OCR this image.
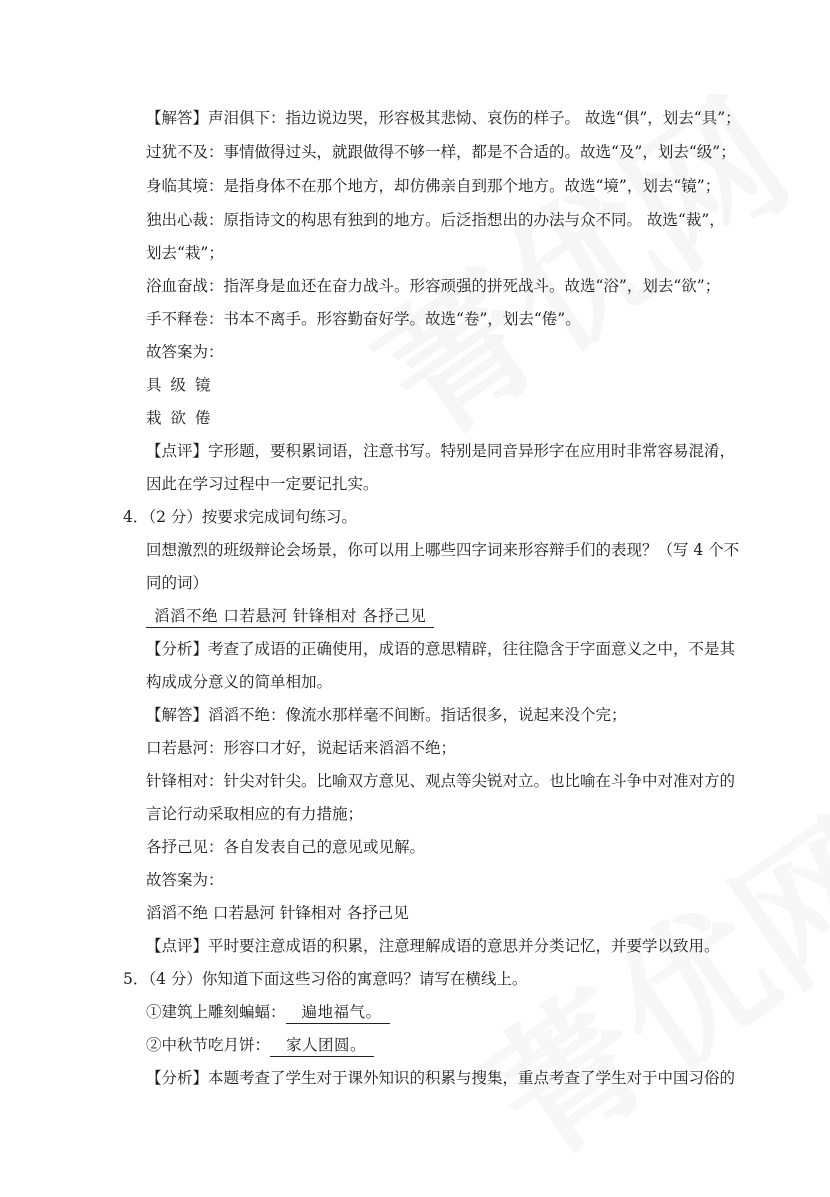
【解答】声泪俱下：指边说边哭，形容极其悲恸、哀伤的样子。 故选“俱”，划去“具”；
过犹不及：事情做得过头，就跟做得不够一样，都是不合适的。故选“及”，划去“级”；
身临其境：是指身体不在那个地方，却仿佛亲自到那个地方。故选“境”，划去“镜”；
独出心裁：原指诗文的构思有独到的地方。后泛指想出的办法与众不同。 故选“裁”，
划去“栽”；
浴血奋战：指浑身是血还在奋力战斗。形容顽强的拼死战斗。故选“浴”，划去“欲”；
手不释卷：书本不离手。形容勤奋好学。故选“卷”，划去“倦”。
故答案为：
具 级 镜
栽 欲 倦
【点评】字形题，要积累词语，注意书写。特别是同音异形字在应用时非常容易混淆，
因此在学习过程中一定要记扎实。
4．（2 分）按要求完成词句练习。
回想激烈的班级辩论会场景，你可以用上哪些四字词来形容辩手们的表现？（写 4 个不
同的词）
滔滔不绝 口若悬河 针锋相对 各抒己见
【分析】考查了成语的正确使用，成语的意思精辟，往往隐含于字面意义之中，不是其
构成成分意义的简单相加。
【解答】滔滔不绝：像流水那样毫不间断。指话很多，说起来没个完；
口若悬河：形容口才好，说起话来滔滔不绝；
针锋相对：针尖对针尖。比喻双方意见、观点等尖锐对立。也比喻在斗争中对准对方的
言论行动采取相应的有力措施；
各抒己见：各自发表自己的意见或见解。
故答案为：
滔滔不绝 口若悬河 针锋相对 各抒己见
【点评】平时要注意成语的积累，注意理解成语的意思并分类记忆，并要学以致用。
5．（4 分）你知道下面这些习俗的寓意吗？请写在横线上。
①建筑上雕刻蝙蝠： 遍地福气。
②中秋节吃月饼： 家人团圆。
【分析】本题考查了学生对于课外知识的积累与搜集，重点考查了学生对于中国习俗的
